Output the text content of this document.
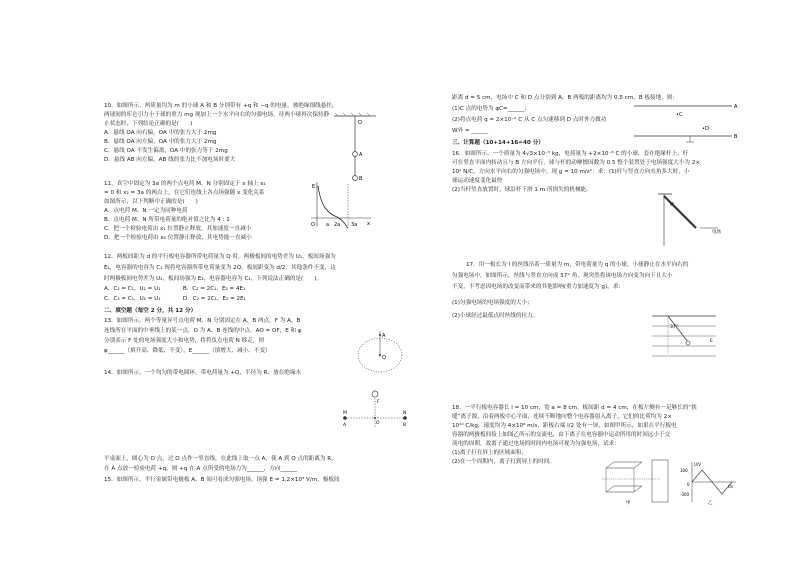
10．如图所示，两质量均为 m 的小球 A 和 B 分别带有 +q 和 −q 的电量，被绝缘细线悬挂，
两球间的库仑引力小于球的重力 mg 现加上一个水平向右的匀强电场，待两小球再次保持静
止状态时，下列结论正确的是(　　)
A．悬线 OA 向右偏，OA 中的张力大于 2mg
B．悬线 OA 向左偏，OA 中的张力大于 2mg
C．悬线 OA 不发生偏离，OA 中的张力等于 2mg
D．悬线 AB 向左偏，AB 线的张力比不加电场时要大
O
A
B
11．真空中固定为 3a 的两个点电荷 M、N 分别固定于 x 轴上 x₁
= 0 和 x₂ = 3a 的两点上，在它们连线上各点场强随 x 变化关系
如图所示，以下判断中正确的是(　　)
A．点电荷 M、N 一定为同种电荷
B．点电荷 M、N 所带电荷量的绝对值之比为 4 : 1
C．把一个检验电荷由 x₁ 位置静止释放，其加速度一直减小
D．把一个检验电荷由 x₂ 位置静止释放，其电势能一直减小
E
O a 2a 3a x
12．两板间距为 d 的平行板电容器所带电荷量为 Q 时，两极板间的电势差为 U₁，板间场强为
E₁，电容器的电容为 C₁ 现将电容器所带电荷量变为 2Q，板间距变为 d/2，其他条件不变，这
时两极板间电势差为 U₂，板间场强为 E₂，电容器电容为 C₂，下列说法正确的是(　　)。
A．C₂ = C₁，U₂ = U₁　　　　B．C₂ = 2C₁，E₂ = 4E₁
C．C₂ = C₁，U₂ = U₁　　　　D．C₂ = 2C₁，E₂ = 2E₁
二、填空题（每空 2 分，共 12 分）
13．如图所示，两个等量异号点电荷 M、N 分别固定在 A、B 两点，F 为 A、B
连线所在平面的中垂线上的某一点，O 为 A、B 连线的中点。AO = OF，E 和 φ
分别表示 F 处的电场强度大小和电势，将将负点电荷 N 移走，则
φ______（填升高、降低、不变），E______（填增大、减小、不变）
M
A	O
N
B
F
O
A
14．如图所示，一个均匀的带电圆环，带电荷量为 +Q，半径为 R，放在绝缘水
平桌面上，圆心为 O 点，过 O 点作一竖直线，在此线上取一点 A，使 A 到 O 点的距离为 R，
在 A 点放一检验电荷 +q，则 +q 在 A 点所受的电场力为______，方向______
15．如图所示，平行金属带电极板 A、B 间可看成匀强电场，场强 E = 1.2×10³ V/m，极板间
距离 d = 5 cm，电场中 C 和 D 点分别到 A、B 两板的距离均为 0.5 cm，B 板接地，则：
(1)C 点的电势为 φC=______；
(2)将点电荷 q = 2×10⁻² C 从 C 点匀速移到 D 点时外力做功
W外 = ______
A
•C
•D
B
三、计算题（10+14+16=40 分）
16．如图所示，一个质量为 4√3×10⁻⁵ kg，电荷量为 +2×10⁻⁸ C 的小球，套在绝缘杆上，杆
可在竖直平面内转动且与 B 方向平行，球与杆的动摩擦因数为 0.5 整个装置处于电场强度大小为 2×
10⁴ N/C，方向水平向右的匀强电场中。现 g = 10 m/s²：求：(1)杆与竖直方向夹角多大时，小
球运动速度变化最快
(2)当杆竖直放置时，球沿杆下滑 1 m 所损失的机械能。
电场
17．用一根长为 l 的丝线吊着一质量为 m，带电荷量为 q 的小球，小球静止在水平向右的
匀强电场中，如图所示，丝线与竖直方向成 37° 角，现突然将该电场方向变为向下且大小
不变，不考虑因电场的改变而带来的其他影响(重力加速度为 g)，求：
(1)匀强电场的电场强度的大小；
(2)小球经过最低点时丝线的拉力。
37°
E
18．一平行板电容器长 l = 10 cm，宽 a = 8 cm，板间距 d = 4 cm，在板左侧有一足够长的“狭
缝”离子源，沿着两板中心平面，连续不断地向整个电容器射入离子，它们的比荷均为 2×
10¹⁰ C/kg，速度均为 4×10⁶ m/s，距板右端 l/2 处有一屏，如图甲所示，如果在平行板电
容器的两极板间接上如图乙所示的交流电，由于离子在电容器中运动所用的时间远小于交
流电的周期，故离子通过电场的时间内电场可视为匀强电场，试求：
(1)离子打在屏上的区域面积；
(2)在一个周期内，离子打到屏上的时间。
甲
U/V
300
-300
0	t/s
乙
